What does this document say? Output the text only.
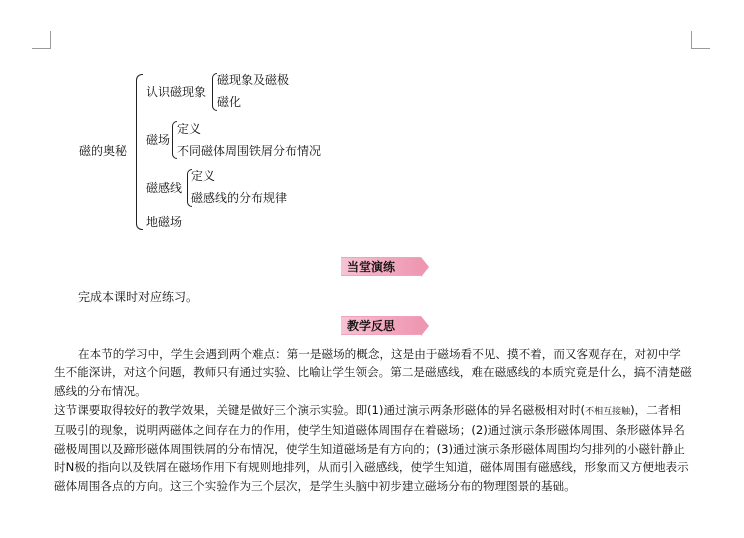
磁的奥秘
认识磁现象
磁现象及磁极
磁化
磁场
定义
不同磁体周围铁屑分布情况
磁感线
定义
磁感线的分布规律
地磁场
当堂演练
完成本课时对应练习。
教学反思
在本节的学习中，学生会遇到两个难点：第一是磁场的概念，这是由于磁场看不见、摸不着，而又客观存在，对初中学生不能深讲，对这个问题，教师只有通过实验、比喻让学生领会。第二是磁感线，难在磁感线的本质究竟是什么，搞不清楚磁感线的分布情况。
这节课要取得较好的教学效果，关键是做好三个演示实验。即(1)通过演示两条形磁体的异名磁极相对时(不相互接触)，二者相互吸引的现象，说明两磁体之间存在力的作用，使学生知道磁体周围存在着磁场；(2)通过演示条形磁体周围、条形磁体异名磁极周围以及蹄形磁体周围铁屑的分布情况，使学生知道磁场是有方向的；(3)通过演示条形磁体周围均匀排列的小磁针静止时N极的指向以及铁屑在磁场作用下有规则地排列，从而引入磁感线，使学生知道，磁体周围有磁感线，形象而又方便地表示磁体周围各点的方向。这三个实验作为三个层次，是学生头脑中初步建立磁场分布的物理图景的基础。
